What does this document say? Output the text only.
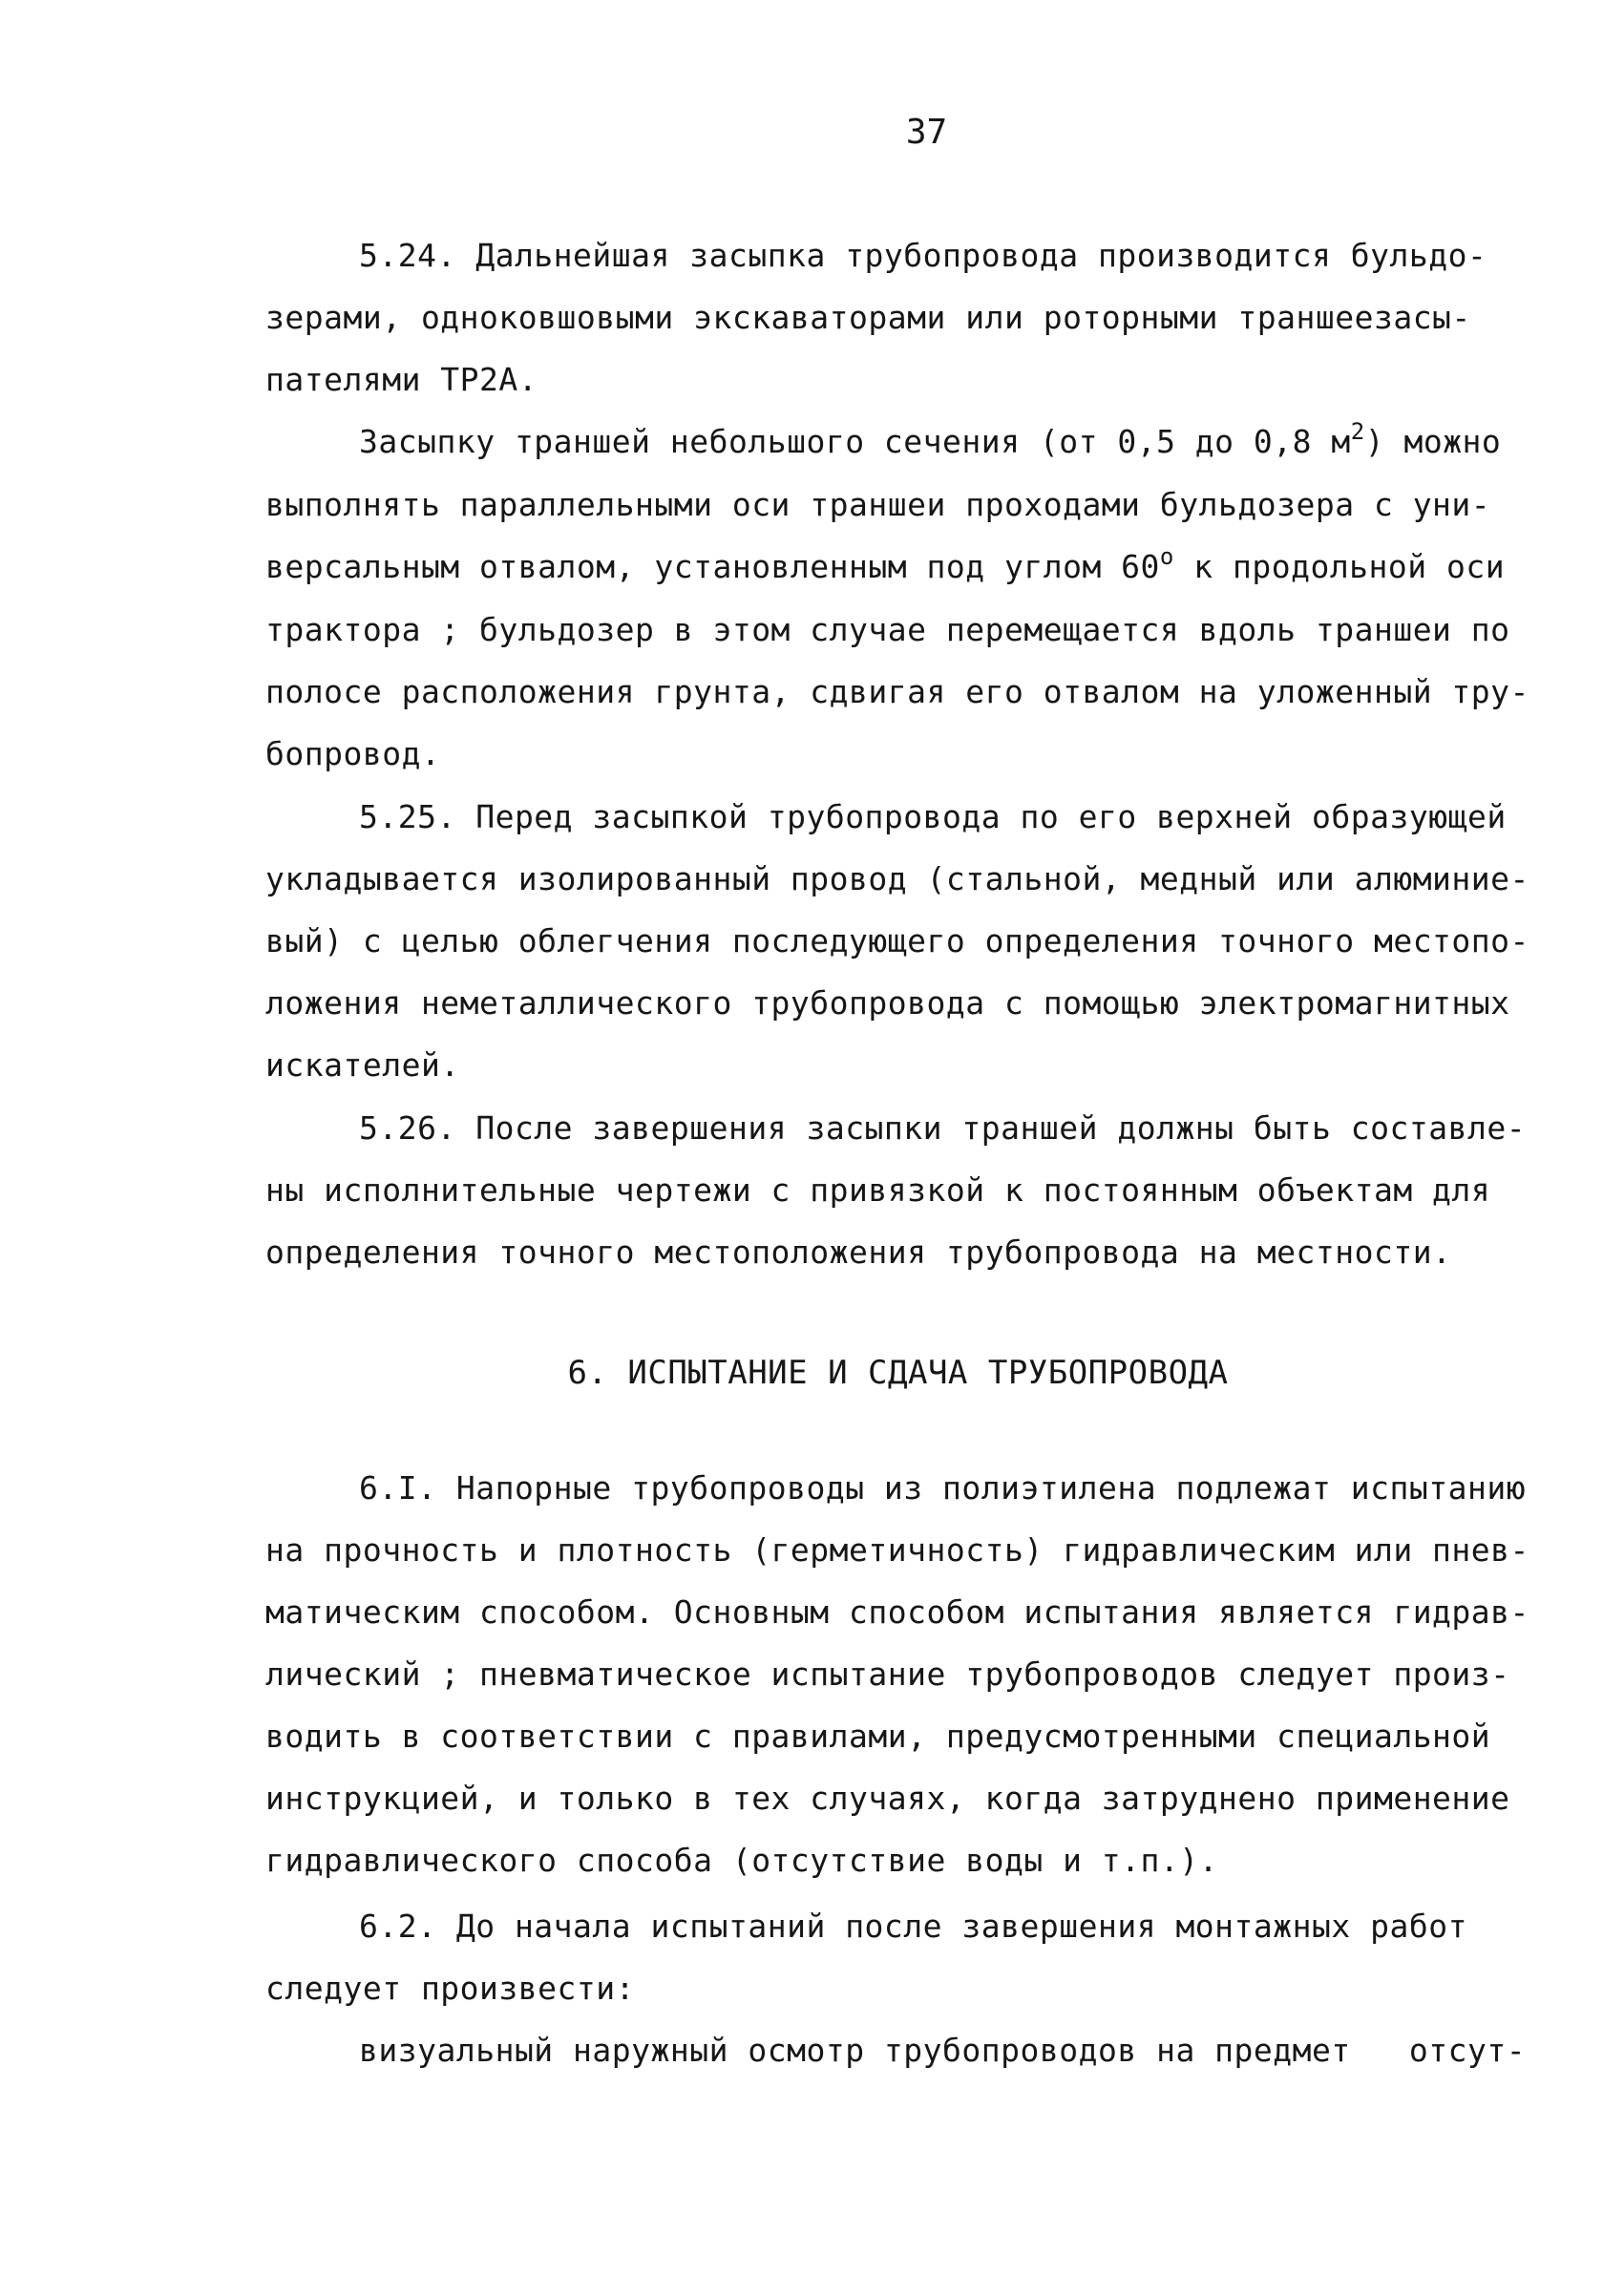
37
5.24. Дальнейшая засыпка трубопровода производится бульдо-
зерами, одноковшовыми экскаваторами или роторными траншеезасы-
пателями ТР2А.
Засыпку траншей небольшого сечения (от 0,5 до 0,8 $м^2$) можно
выполнять параллельными оси траншеи проходами бульдозера с уни-
версальным отвалом, установленным под углом $60^о$ к продольной оси
трактора ; бульдозер в этом случае перемещается вдоль траншеи по
полосе расположения грунта, сдвигая его отвалом на уложенный тру-
бопровод.
5.25. Перед засыпкой трубопровода по его верхней образующей
укладывается изолированный провод (стальной, медный или алюминие-
вый) с целью облегчения последующего определения точного местопо-
ложения неметаллического трубопровода с помощью электромагнитных
искателей.
5.26. После завершения засыпки траншей должны быть составле-
ны исполнительные чертежи с привязкой к постоянным объектам для
определения точного местоположения трубопровода на местности.
6. ИСПЫТАНИЕ И СДАЧА ТРУБОПРОВОДА
6.I. Напорные трубопроводы из полиэтилена подлежат испытанию
на прочность и плотность (герметичность) гидравлическим или пнев-
матическим способом. Основным способом испытания является гидрав-
лический ; пневматическое испытание трубопроводов следует произ-
водить в соответствии с правилами, предусмотренными специальной
инструкцией, и только в тех случаях, когда затруднено применение
гидравлического способа (отсутствие воды и т.п.).
6.2. До начала испытаний после завершения монтажных работ
следует произвести:
визуальный наружный осмотр трубопроводов на предмет   отсут-
